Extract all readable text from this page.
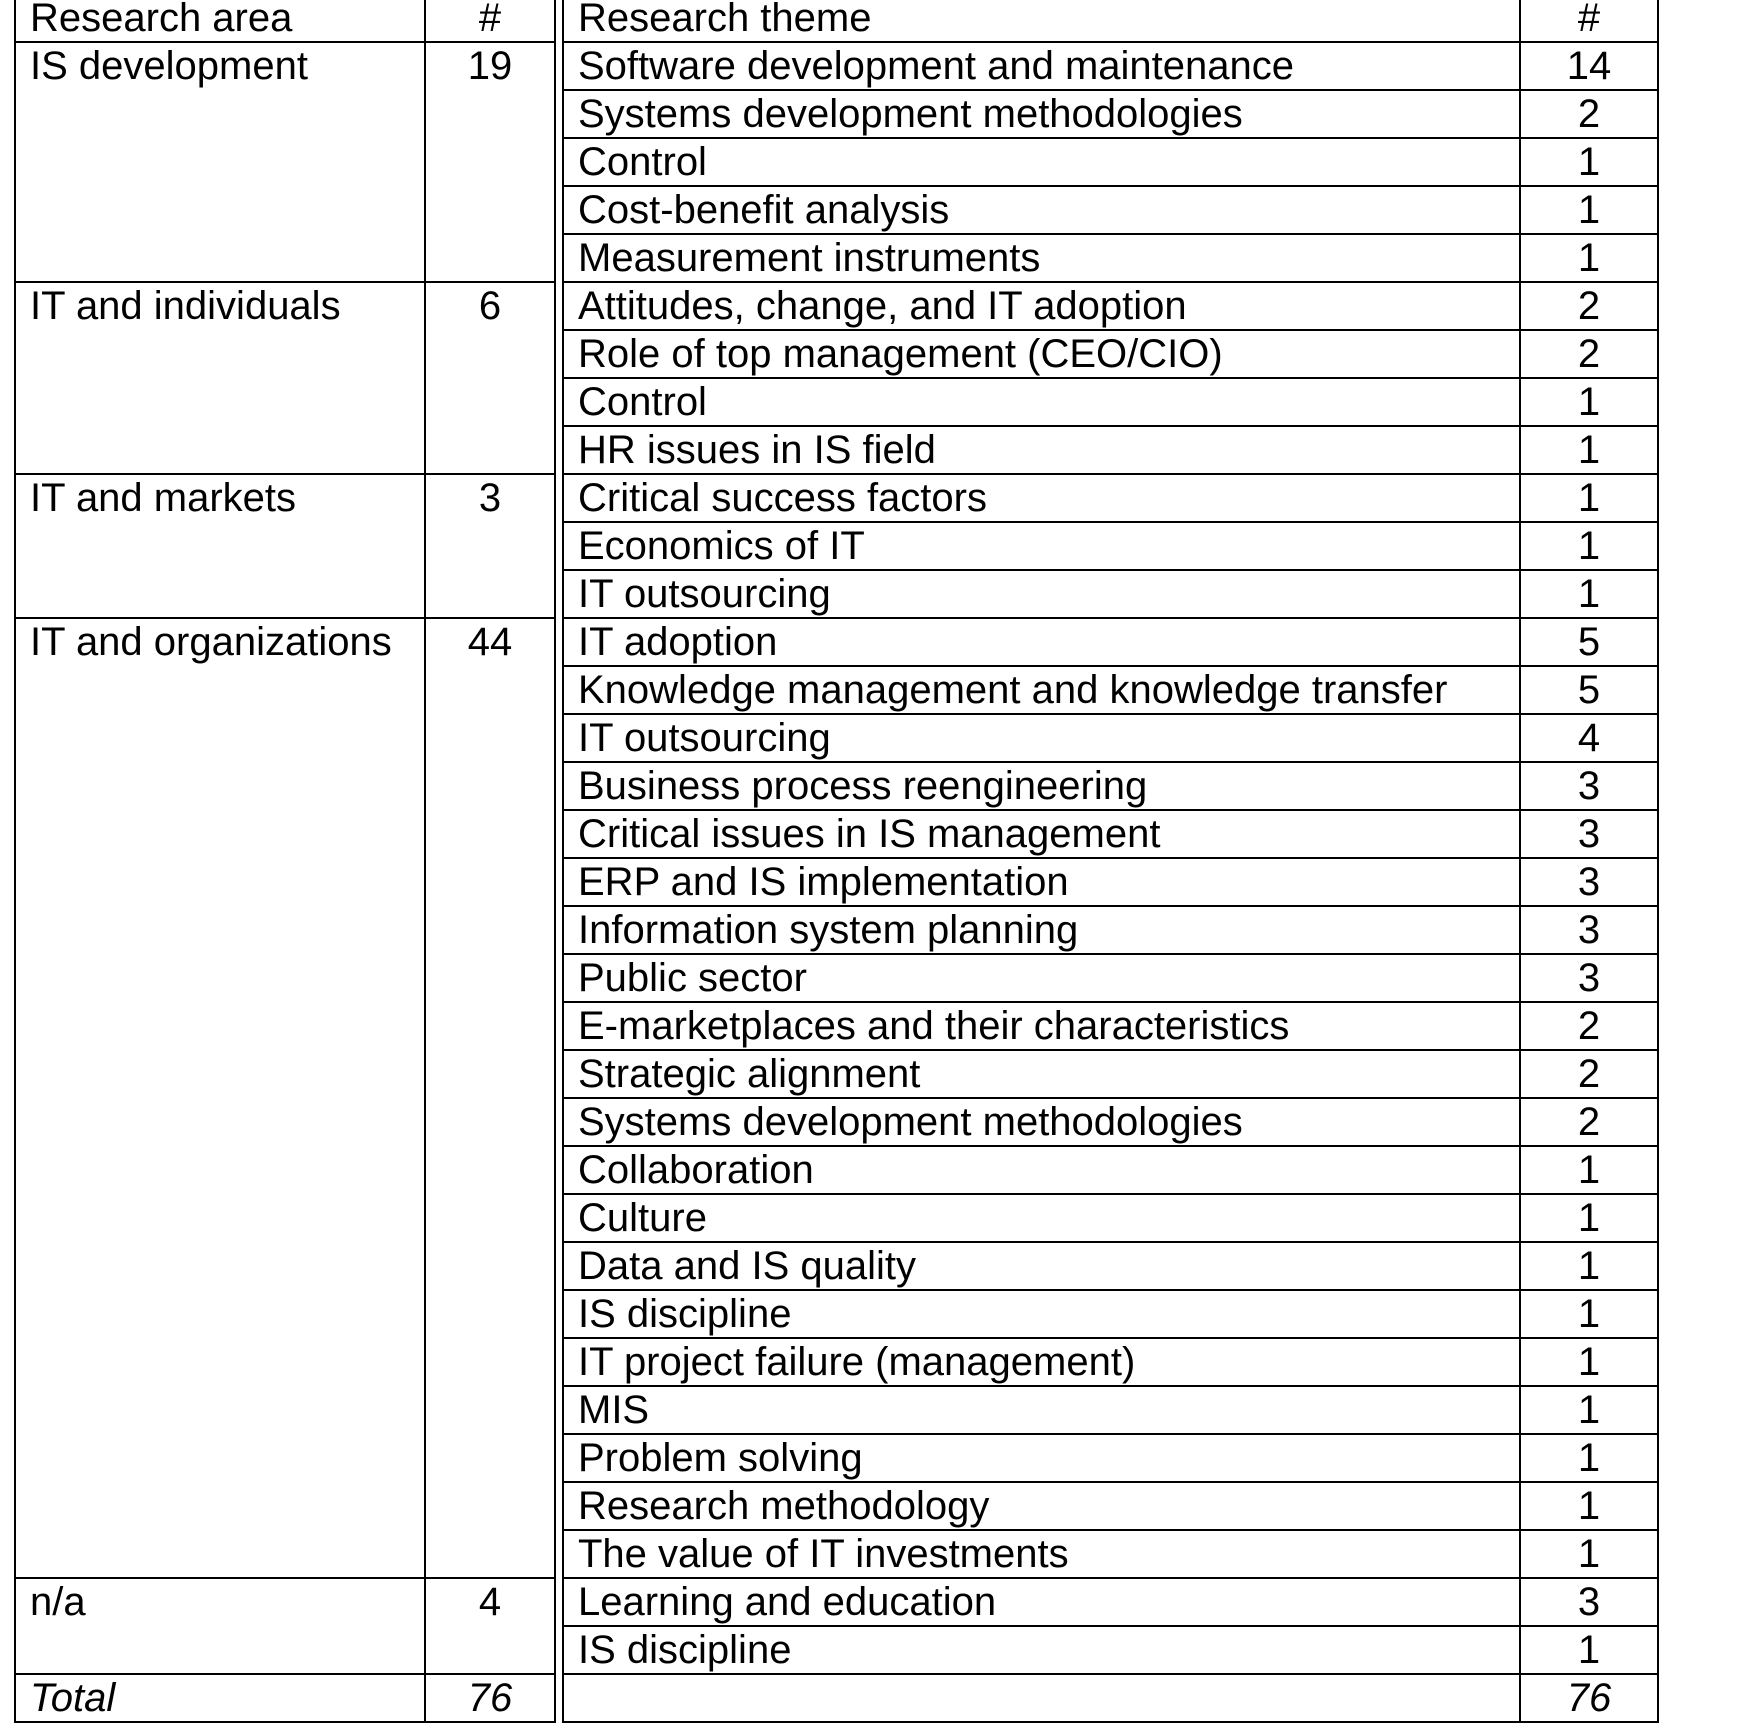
Research area	#		Research theme	#
IS development	19		Software development and maintenance	14
			Systems development methodologies	2
			Control	1
			Cost-benefit analysis	1
			Measurement instruments	1
IT and individuals	6		Attitudes, change, and IT adoption	2
			Role of top management (CEO/CIO)	2
			Control	1
			HR issues in IS field	1
IT and markets	3		Critical success factors	1
			Economics of IT	1
			IT outsourcing	1
IT and organizations	44		IT adoption	5
			Knowledge management and knowledge transfer	5
			IT outsourcing	4
			Business process reengineering	3
			Critical issues in IS management	3
			ERP and IS implementation	3
			Information system planning	3
			Public sector	3
			E-marketplaces and their characteristics	2
			Strategic alignment	2
			Systems development methodologies	2
			Collaboration	1
			Culture	1
			Data and IS quality	1
			IS discipline	1
			IT project failure (management)	1
			MIS	1
			Problem solving	1
			Research methodology	1
			The value of IT investments	1
n/a	4		Learning and education	3
			IS discipline	1
Total	76			76
